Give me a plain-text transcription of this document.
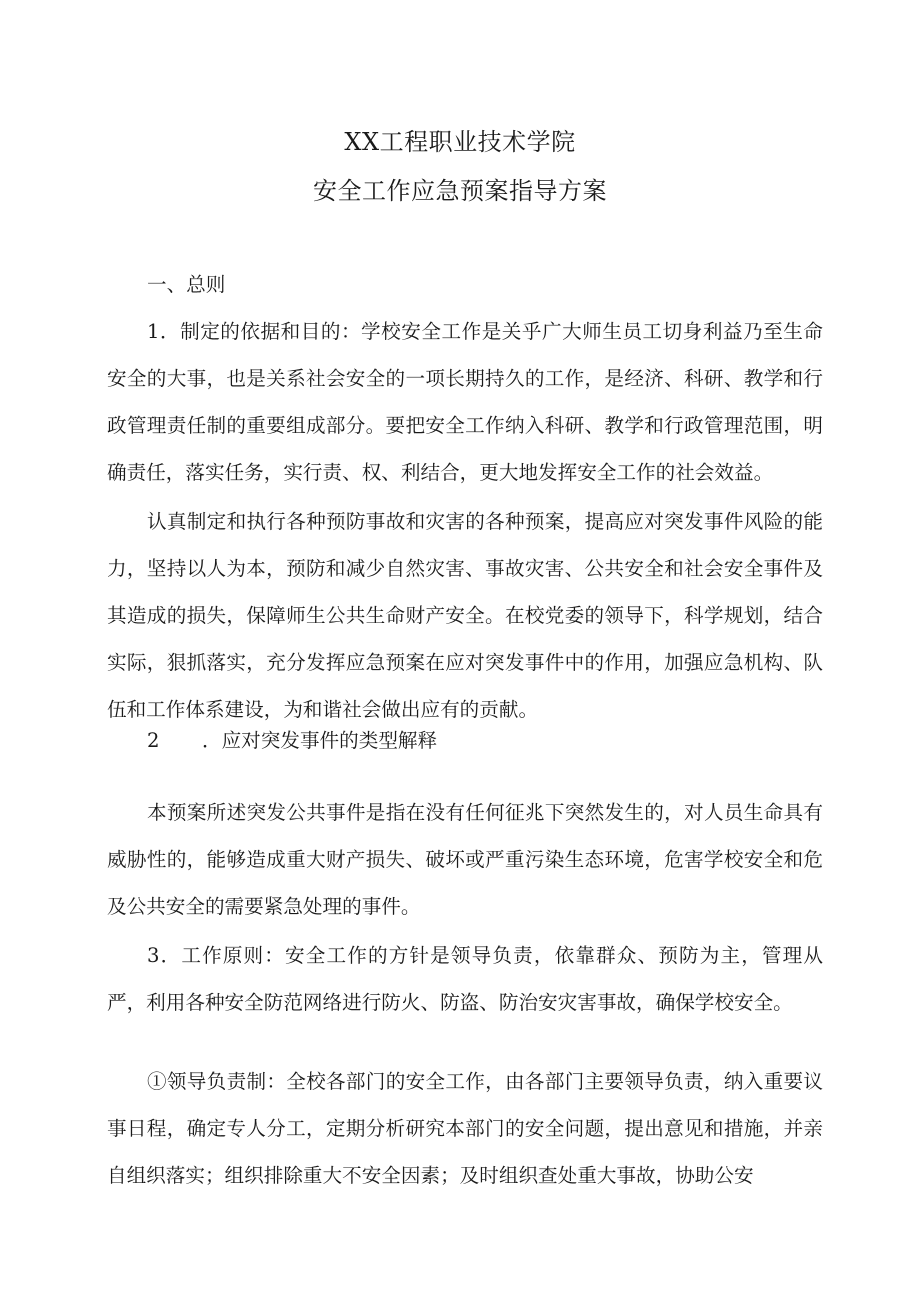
XX工程职业技术学院
安全工作应急预案指导方案

一、总则

1．制定的依据和目的：学校安全工作是关乎广大师生员工切身利益乃至生命安全的大事，也是关系社会安全的一项长期持久的工作，是经济、科研、教学和行政管理责任制的重要组成部分。要把安全工作纳入科研、教学和行政管理范围，明确责任，落实任务，实行责、权、利结合，更大地发挥安全工作的社会效益。

认真制定和执行各种预防事故和灾害的各种预案，提高应对突发事件风险的能力，坚持以人为本，预防和减少自然灾害、事故灾害、公共安全和社会安全事件及其造成的损失，保障师生公共生命财产安全。在校党委的领导下，科学规划，结合实际，狠抓落实，充分发挥应急预案在应对突发事件中的作用，加强应急机构、队伍和工作体系建设，为和谐社会做出应有的贡献。

2 ．应对突发事件的类型解释

本预案所述突发公共事件是指在没有任何征兆下突然发生的，对人员生命具有威胁性的，能够造成重大财产损失、破坏或严重污染生态环境，危害学校安全和危及公共安全的需要紧急处理的事件。

3．工作原则：安全工作的方针是领导负责，依靠群众、预防为主，管理从严，利用各种安全防范网络进行防火、防盗、防治安灾害事故，确保学校安全。

①领导负责制：全校各部门的安全工作，由各部门主要领导负责，纳入重要议事日程，确定专人分工，定期分析研究本部门的安全问题，提出意见和措施，并亲自组织落实；组织排除重大不安全因素；及时组织查处重大事故，协助公安
